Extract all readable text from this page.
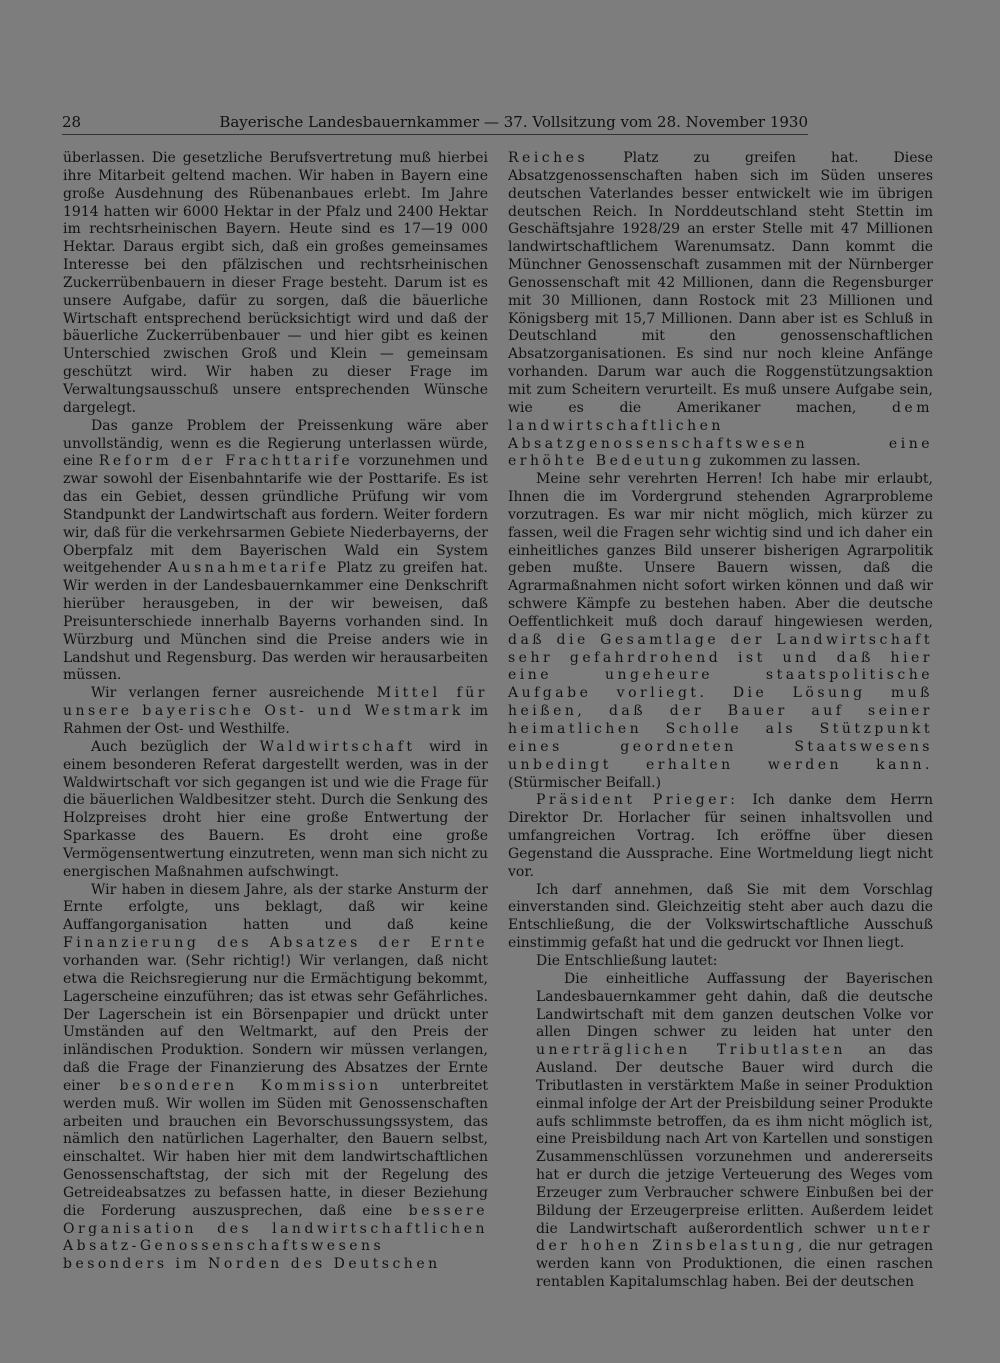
28	Bayerische Landesbauernkammer — 37. Vollsitzung vom 28. November 1930

überlassen. Die gesetzliche Berufsvertretung muß hierbei ihre Mitarbeit geltend machen. Wir haben in Bayern eine große Ausdehnung des Rübenanbaues erlebt. Im Jahre 1914 hatten wir 6000 Hektar in der Pfalz und 2400 Hektar im rechtsrheinischen Bayern. Heute sind es 17—19 000 Hektar. Daraus ergibt sich, daß ein großes gemeinsames Interesse bei den pfälzischen und rechtsrheinischen Zuckerrübenbauern in dieser Frage besteht. Darum ist es unsere Aufgabe, dafür zu sorgen, daß die bäuerliche Wirtschaft entsprechend berücksichtigt wird und daß der bäuerliche Zuckerrübenbauer — und hier gibt es keinen Unterschied zwischen Groß und Klein — gemeinsam geschützt wird. Wir haben zu dieser Frage im Verwaltungsausschuß unsere entsprechenden Wünsche dargelegt.

Das ganze Problem der Preissenkung wäre aber unvollständig, wenn es die Regierung unterlassen würde, eine Reform der Frachttarife vorzunehmen und zwar sowohl der Eisenbahntarife wie der Posttarife. Es ist das ein Gebiet, dessen gründliche Prüfung wir vom Standpunkt der Landwirtschaft aus fordern. Weiter fordern wir, daß für die verkehrsarmen Gebiete Niederbayerns, der Oberpfalz mit dem Bayerischen Wald ein System weitgehender Ausnahmetarife Platz zu greifen hat. Wir werden in der Landesbauernkammer eine Denkschrift hierüber herausgeben, in der wir beweisen, daß Preisunterschiede innerhalb Bayerns vorhanden sind. In Würzburg und München sind die Preise anders wie in Landshut und Regensburg. Das werden wir herausarbeiten müssen.

Wir verlangen ferner ausreichende Mittel für unsere bayerische Ost- und Westmark im Rahmen der Ost- und Westhilfe.

Auch bezüglich der Waldwirtschaft wird in einem besonderen Referat dargestellt werden, was in der Waldwirtschaft vor sich gegangen ist und wie die Frage für die bäuerlichen Waldbesitzer steht. Durch die Senkung des Holzpreises droht hier eine große Entwertung der Sparkasse des Bauern. Es droht eine große Vermögensentwertung einzutreten, wenn man sich nicht zu energischen Maßnahmen aufschwingt.

Wir haben in diesem Jahre, als der starke Ansturm der Ernte erfolgte, uns beklagt, daß wir keine Auffangorganisation hatten und daß keine Finanzierung des Absatzes der Ernte vorhanden war. (Sehr richtig!) Wir verlangen, daß nicht etwa die Reichsregierung nur die Ermächtigung bekommt, Lagerscheine einzuführen; das ist etwas sehr Gefährliches. Der Lagerschein ist ein Börsenpapier und drückt unter Umständen auf den Weltmarkt, auf den Preis der inländischen Produktion. Sondern wir müssen verlangen, daß die Frage der Finanzierung des Absatzes der Ernte einer besonderen Kommission unterbreitet werden muß. Wir wollen im Süden mit Genossenschaften arbeiten und brauchen ein Bevorschussungssystem, das nämlich den natürlichen Lagerhalter, den Bauern selbst, einschaltet. Wir haben hier mit dem landwirtschaftlichen Genossenschaftstag, der sich mit der Regelung des Getreideabsatzes zu befassen hatte, in dieser Beziehung die Forderung auszusprechen, daß eine bessere Organisation des landwirtschaftlichen Absatz-Genossenschaftswesens besonders im Norden des Deutschen

Reiches Platz zu greifen hat. Diese Absatzgenossenschaften haben sich im Süden unseres deutschen Vaterlandes besser entwickelt wie im übrigen deutschen Reich. In Norddeutschland steht Stettin im Geschäftsjahre 1928/29 an erster Stelle mit 47 Millionen landwirtschaftlichem Warenumsatz. Dann kommt die Münchner Genossenschaft zusammen mit der Nürnberger Genossenschaft mit 42 Millionen, dann die Regensburger mit 30 Millionen, dann Rostock mit 23 Millionen und Königsberg mit 15,7 Millionen. Dann aber ist es Schluß in Deutschland mit den genossenschaftlichen Absatzorganisationen. Es sind nur noch kleine Anfänge vorhanden. Darum war auch die Roggenstützungsaktion mit zum Scheitern verurteilt. Es muß unsere Aufgabe sein, wie es die Amerikaner machen, dem landwirtschaftlichen Absatzgenossenschaftswesen eine erhöhte Bedeutung zukommen zu lassen.

Meine sehr verehrten Herren! Ich habe mir erlaubt, Ihnen die im Vordergrund stehenden Agrarprobleme vorzutragen. Es war mir nicht möglich, mich kürzer zu fassen, weil die Fragen sehr wichtig sind und ich daher ein einheitliches ganzes Bild unserer bisherigen Agrarpolitik geben mußte. Unsere Bauern wissen, daß die Agrarmaßnahmen nicht sofort wirken können und daß wir schwere Kämpfe zu bestehen haben. Aber die deutsche Oeffentlichkeit muß doch darauf hingewiesen werden, daß die Gesamtlage der Landwirtschaft sehr gefahrdrohend ist und daß hier eine ungeheure staatspolitische Aufgabe vorliegt. Die Lösung muß heißen, daß der Bauer auf seiner heimatlichen Scholle als Stützpunkt eines geordneten Staatswesens unbedingt erhalten werden kann. (Stürmischer Beifall.)

Präsident Prieger: Ich danke dem Herrn Direktor Dr. Horlacher für seinen inhaltsvollen und umfangreichen Vortrag. Ich eröffne über diesen Gegenstand die Aussprache. Eine Wortmeldung liegt nicht vor.

Ich darf annehmen, daß Sie mit dem Vorschlag einverstanden sind. Gleichzeitig steht aber auch dazu die Entschließung, die der Volkswirtschaftliche Ausschuß einstimmig gefaßt hat und die gedruckt vor Ihnen liegt.

Die Entschließung lautet:

Die einheitliche Auffassung der Bayerischen Landesbauernkammer geht dahin, daß die deutsche Landwirtschaft mit dem ganzen deutschen Volke vor allen Dingen schwer zu leiden hat unter den unerträglichen Tributlasten an das Ausland. Der deutsche Bauer wird durch die Tributlasten in verstärktem Maße in seiner Produktion einmal infolge der Art der Preisbildung seiner Produkte aufs schlimmste betroffen, da es ihm nicht möglich ist, eine Preisbildung nach Art von Kartellen und sonstigen Zusammenschlüssen vorzunehmen und andererseits hat er durch die jetzige Verteuerung des Weges vom Erzeuger zum Verbraucher schwere Einbußen bei der Bildung der Erzeugerpreise erlitten. Außerdem leidet die Landwirtschaft außerordentlich schwer unter der hohen Zinsbelastung, die nur getragen werden kann von Produktionen, die einen raschen rentablen Kapitalumschlag haben. Bei der deutschen
